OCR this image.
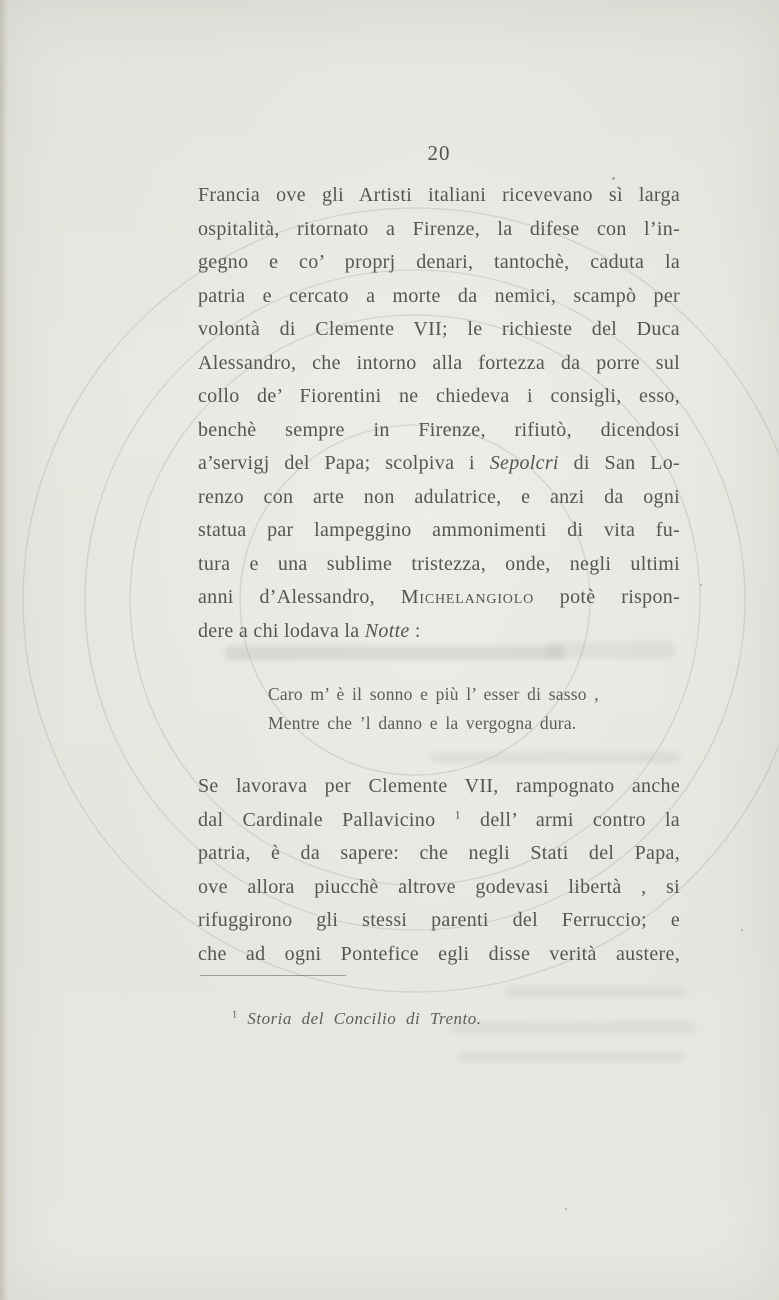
20
Francia ove gli Artisti italiani ricevevano sì larga
ospitalità, ritornato a Firenze, la difese con l’in-
gegno e co’ proprj denari, tantochè, caduta la
patria e cercato a morte da nemici, scampò per
volontà di Clemente VII; le richieste del Duca
Alessandro, che intorno alla fortezza da porre sul
collo de’ Fiorentini ne chiedeva i consigli, esso,
benchè sempre in Firenze, rifiutò, dicendosi
a’servigj del Papa; scolpiva i Sepolcri di San Lo-
renzo con arte non adulatrice, e anzi da ogni
statua par lampeggino ammonimenti di vita fu-
tura e una sublime tristezza, onde, negli ultimi
anni d’Alessandro, Michelangiolo potè rispon-
dere a chi lodava la Notte :
Caro m’ è il sonno e più l’ esser di sasso ,
Mentre che ’l danno e la vergogna dura.
Se lavorava per Clemente VII, rampognato anche
dal Cardinale Pallavicino $^1$ dell’ armi contro la
patria, è da sapere: che negli Stati del Papa,
ove allora piucchè altrove godevasi libertà , si
rifuggirono gli stessi parenti del Ferruccio; e
che ad ogni Pontefice egli disse verità austere,
$^1$ Storia del Concilio di Trento.
